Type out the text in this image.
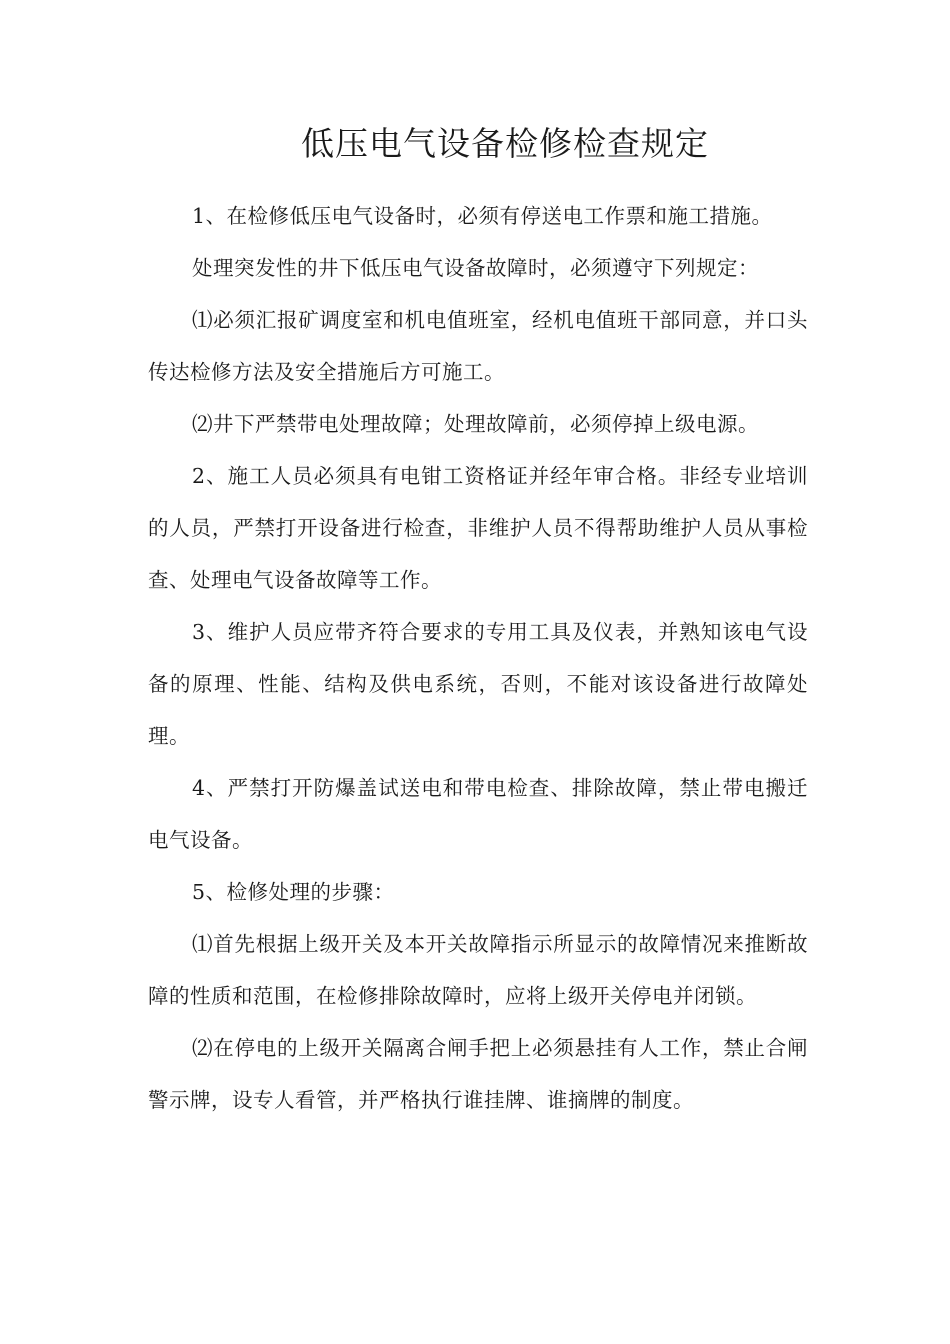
低压电气设备检修检查规定

1、在检修低压电气设备时，必须有停送电工作票和施工措施。

处理突发性的井下低压电气设备故障时，必须遵守下列规定：

⑴必须汇报矿调度室和机电值班室，经机电值班干部同意，并口头传达检修方法及安全措施后方可施工。

⑵井下严禁带电处理故障；处理故障前，必须停掉上级电源。

2、施工人员必须具有电钳工资格证并经年审合格。非经专业培训的人员，严禁打开设备进行检查，非维护人员不得帮助维护人员从事检查、处理电气设备故障等工作。

3、维护人员应带齐符合要求的专用工具及仪表，并熟知该电气设备的原理、性能、结构及供电系统，否则，不能对该设备进行故障处理。

4、严禁打开防爆盖试送电和带电检查、排除故障，禁止带电搬迁电气设备。

5、检修处理的步骤：

⑴首先根据上级开关及本开关故障指示所显示的故障情况来推断故障的性质和范围，在检修排除故障时，应将上级开关停电并闭锁。

⑵在停电的上级开关隔离合闸手把上必须悬挂有人工作，禁止合闸警示牌，设专人看管，并严格执行谁挂牌、谁摘牌的制度。
